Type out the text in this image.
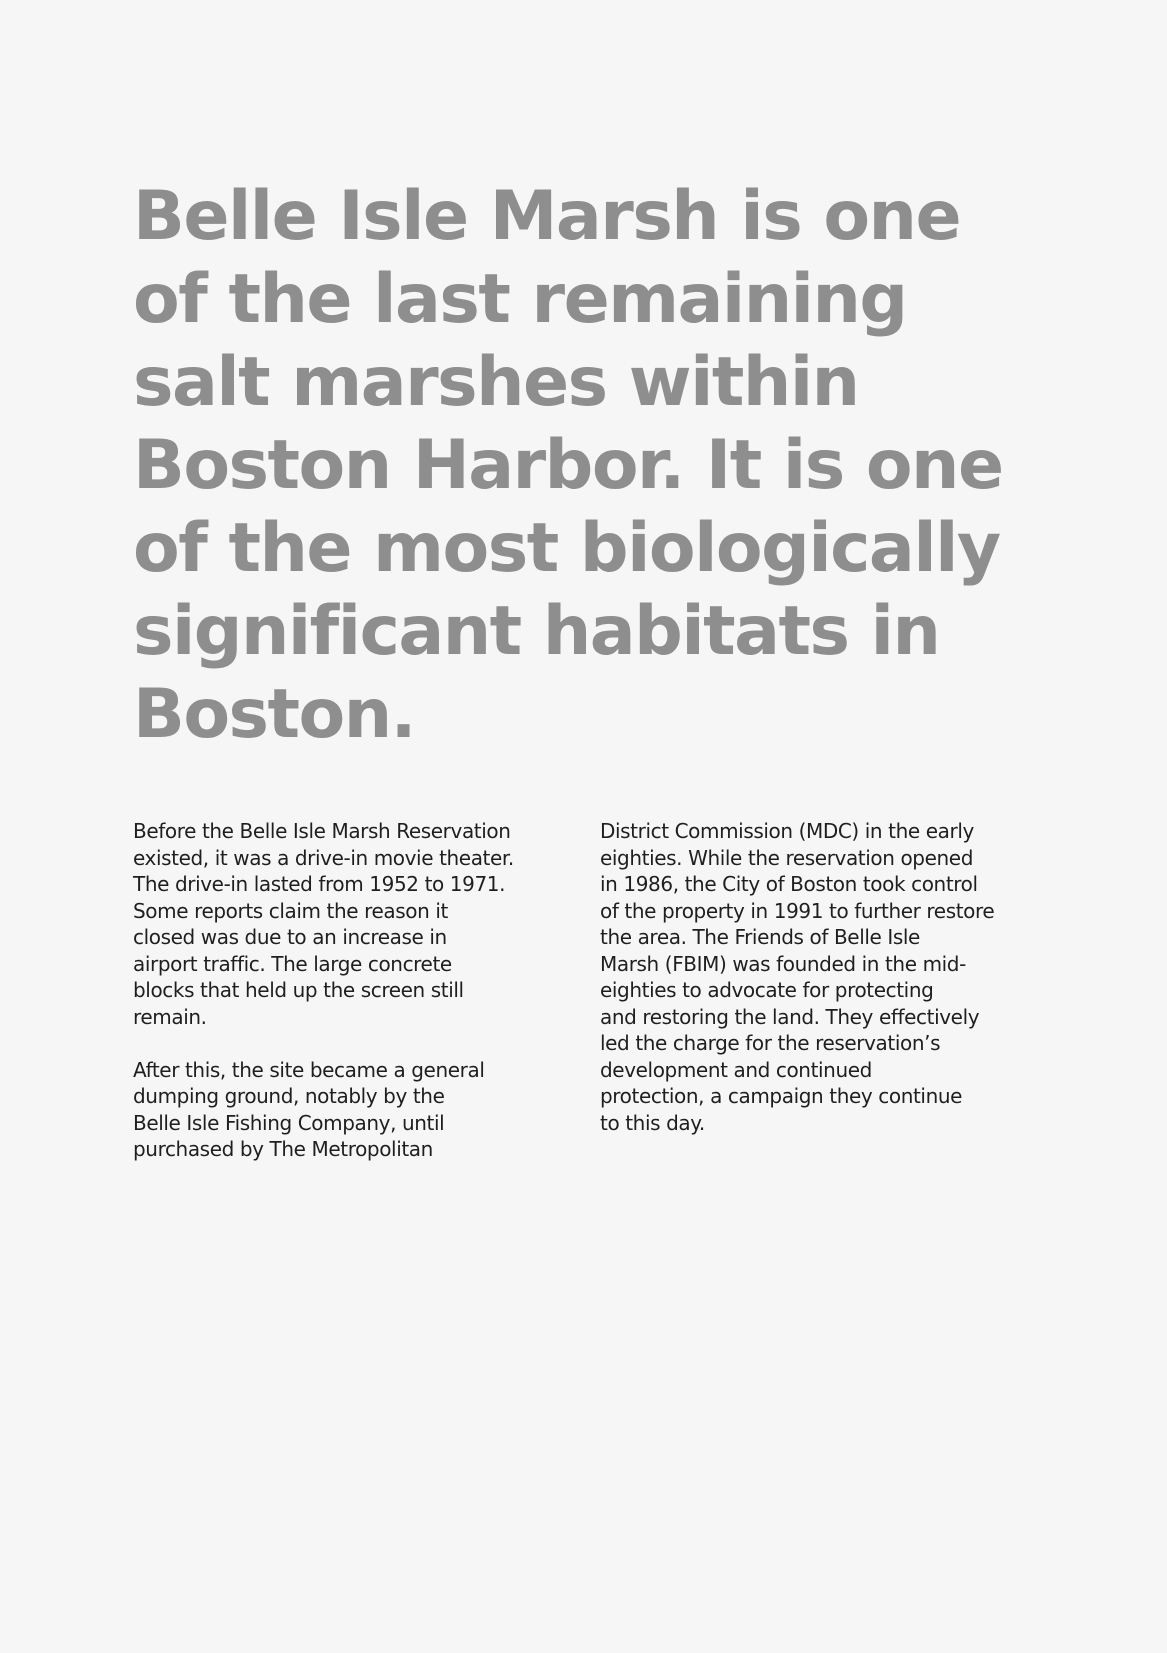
Belle Isle Marsh is one
of the last remaining
salt marshes within
Boston Harbor. It is one
of the most biologically
significant habitats in
Boston.
Before the Belle Isle Marsh Reservation
existed, it was a drive-in movie theater.
The drive-in lasted from 1952 to 1971.
Some reports claim the reason it
closed was due to an increase in
airport traffic. The large concrete
blocks that held up the screen still
remain.
After this, the site became a general
dumping ground, notably by the
Belle Isle Fishing Company, until
purchased by The Metropolitan
District Commission (MDC) in the early
eighties. While the reservation opened
in 1986, the City of Boston took control
of the property in 1991 to further restore
the area. The Friends of Belle Isle
Marsh (FBIM) was founded in the mid-
eighties to advocate for protecting
and restoring the land. They effectively
led the charge for the reservation’s
development and continued
protection, a campaign they continue
to this day.
